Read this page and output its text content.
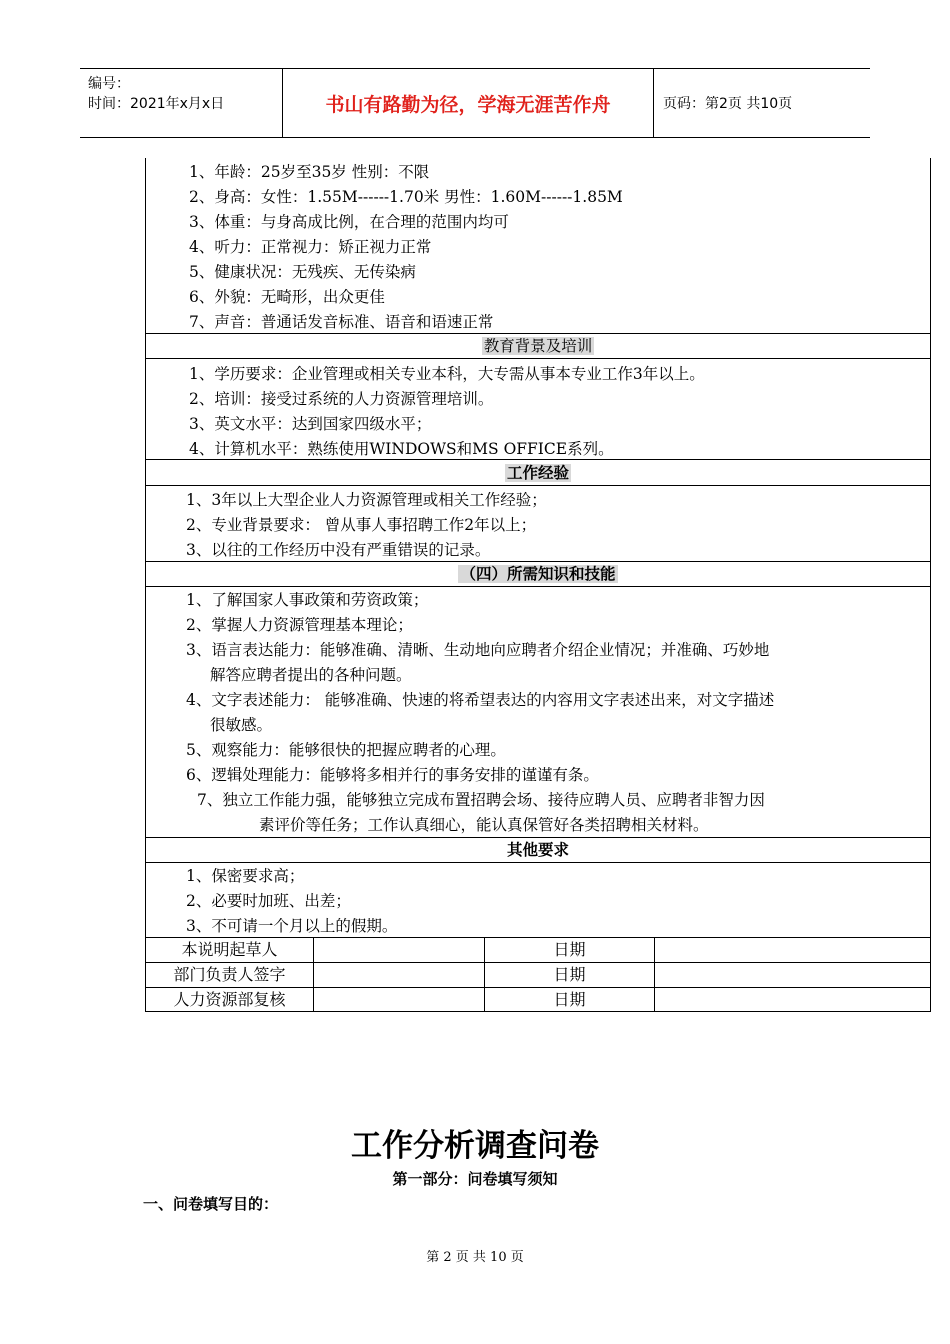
编号：
时间：2021年x月x日	书山有路勤为径，学海无涯苦作舟	页码：第2页 共10页
1、年龄：25岁至35岁 性别：不限
2、身高：女性：1.55M------1.70米 男性：1.60M------1.85M
3、体重：与身高成比例，在合理的范围内均可
4、听力：正常视力：矫正视力正常
5、健康状况：无残疾、无传染病
6、外貌：无畸形，出众更佳
7、声音：普通话发音标准、语音和语速正常
教育背景及培训
1、学历要求：企业管理或相关专业本科，大专需从事本专业工作3年以上。
2、培训：接受过系统的人力资源管理培训。
3、英文水平：达到国家四级水平；
4、计算机水平：熟练使用WINDOWS和MS OFFICE系列。
工作经验
1、3年以上大型企业人力资源管理或相关工作经验；
2、专业背景要求： 曾从事人事招聘工作2年以上；
3、以往的工作经历中没有严重错误的记录。
（四）所需知识和技能
1、了解国家人事政策和劳资政策；
2、掌握人力资源管理基本理论；
3、语言表达能力：能够准确、清晰、生动地向应聘者介绍企业情况；并准确、巧妙地
解答应聘者提出的各种问题。
4、文字表述能力： 能够准确、快速的将希望表达的内容用文字表述出来，对文字描述
很敏感。
5、观察能力：能够很快的把握应聘者的心理。
6、逻辑处理能力：能够将多相并行的事务安排的谨谨有条。
7、独立工作能力强，能够独立完成布置招聘会场、接待应聘人员、应聘者非智力因
素评价等任务；工作认真细心，能认真保管好各类招聘相关材料。
其他要求
1、保密要求高；
2、必要时加班、出差；
3、不可请一个月以上的假期。
本说明起草人	日期
部门负责人签字	日期
人力资源部复核	日期
工作分析调查问卷
第一部分：问卷填写须知
一、问卷填写目的：
第 2 页 共 10 页
